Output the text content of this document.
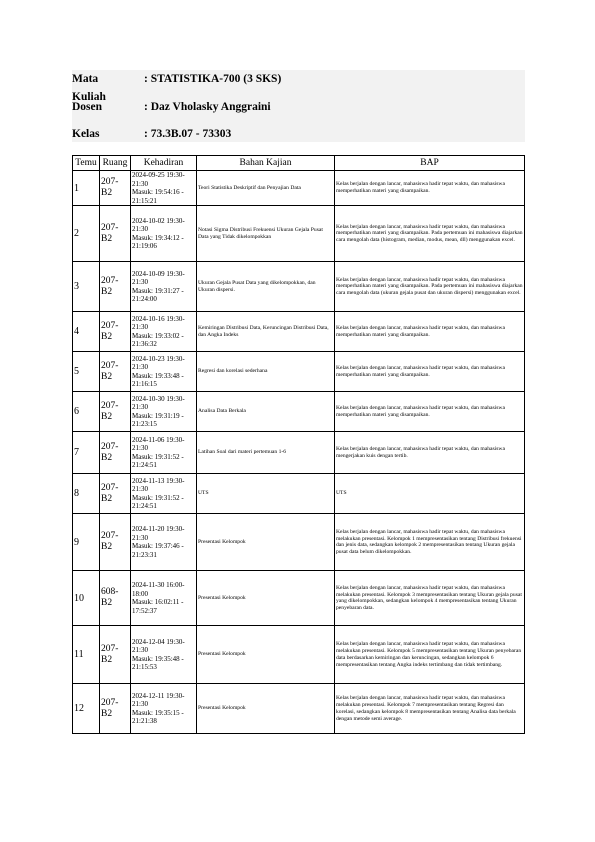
Mata Kuliah
: STATISTIKA-700 (3 SKS)
Dosen	: Daz Vholasky Anggraini
Kelas	: 73.3B.07 - 73303
Temu	Ruang	Kehadiran	Bahan Kajian	BAP
1	207-B2	2024-09-25 19:30-21:30
Masuk: 19:54:16 - 21:15:21	Teori Statistika Deskriptif dan Penyajian Data	Kelas berjalan dengan lancar, mahasiswa hadir tepat waktu, dan mahasiswa memperhatikan materi yang disampaikan.
2	207-B2	2024-10-02 19:30-21:30
Masuk: 19:34:12 - 21:19:06	Notasi Sigma Distribusi Frekuensi Ukuran Gejala Pusat Data yang Tidak dikelompokkan	Kelas berjalan dengan lancar, mahasiswa hadir tepat waktu, dan mahasiswa memperhatikan materi yang disampaikan. Pada pertemuan ini mahasiswa diajarkan cara mengolah data (histogram, median, modus, mean, dll) menggunakan excel.
3	207-B2	2024-10-09 19:30-21:30
Masuk: 19:31:27 - 21:24:00	Ukuran Gejala Pusat Data yang dikelompokkan, dan Ukuran dispersi.	Kelas berjalan dengan lancar, mahasiswa hadir tepat waktu, dan mahasiswa memperhatikan materi yang disampaikan. Pada pertemuan ini mahasiswa diajarkan cara mengolah data (ukuran gejala pusat dan ukuran dispersi) menggunakan excel.
4	207-B2	2024-10-16 19:30-21:30
Masuk: 19:33:02 - 21:36:32	Kemiringan Distribusi Data, Keruncingan Distribusi Data, dan Angka Indeks	Kelas berjalan dengan lancar, mahasiswa hadir tepat waktu, dan mahasiswa memperhatikan materi yang disampaikan.
5	207-B2	2024-10-23 19:30-21:30
Masuk: 19:33:48 - 21:16:15	Regresi dan korelasi sederhana	Kelas berjalan dengan lancar, mahasiswa hadir tepat waktu, dan mahasiswa memperhatikan materi yang disampaikan.
6	207-B2	2024-10-30 19:30-21:30
Masuk: 19:31:19 - 21:23:15	Analisa Data Berkala	Kelas berjalan dengan lancar, mahasiswa hadir tepat waktu, dan mahasiswa memperhatikan materi yang disampaikan.
7	207-B2	2024-11-06 19:30-21:30
Masuk: 19:31:52 - 21:24:51	Latihan Soal dari materi pertemuan 1-6	Kelas berjalan dengan lancar, mahasiswa hadir tepat waktu, dan mahasiswa mengerjakan kuis dengan tertib.
8	207-B2	2024-11-13 19:30-21:30
Masuk: 19:31:52 - 21:24:51	UTS	UTS
9	207-B2	2024-11-20 19:30-21:30
Masuk: 19:37:46 - 21:23:31	Presentasi Kelompok	Kelas berjalan dengan lancar, mahasiswa hadir tepat waktu, dan mahasiswa melakukan presentasi. Kelompok 1 mempresentasikan tentang Distribusi frekuensi dan jenis data, sedangkan kelompok 2 mempresentasikan tentang Ukuran gejala pusat data belum dikelompokkan.
10	608-B2	2024-11-30 16:00-18:00
Masuk: 16:02:11 - 17:52:37	Presentasi Kelompok	Kelas berjalan dengan lancar, mahasiswa hadir tepat waktu, dan mahasiswa melakukan presentasi. Kelompok 3 mempresentasikan tentang Ukuran gejala pusat yang dikelompokkan, sedangkan kelompok 4 mempresentasikan tentang Ukuran penyebaran data.
11	207-B2	2024-12-04 19:30-21:30
Masuk: 19:35:48 - 21:15:53	Presentasi Kelompok	Kelas berjalan dengan lancar, mahasiswa hadir tepat waktu, dan mahasiswa melakukan presentasi. Kelompok 5 mempresentasikan tentang Ukuran penyebaran data berdasarkan kemiringan dan keruncingan, sedangkan kelompok 6 mempresentasikan tentang Angka indeks tertimbang dan tidak tertimbang.
12	207-B2	2024-12-11 19:30-21:30
Masuk: 19:35:15 - 21:21:38	Presentasi Kelompok	Kelas berjalan dengan lancar, mahasiswa hadir tepat waktu, dan mahasiswa melakukan presentasi. Kelompok 7 mempresentasikan tentang Regresi dan korelasi, sedangkan kelompok 8 mempresentasikan tentang Analisa data berkala dengan metode semi average.
